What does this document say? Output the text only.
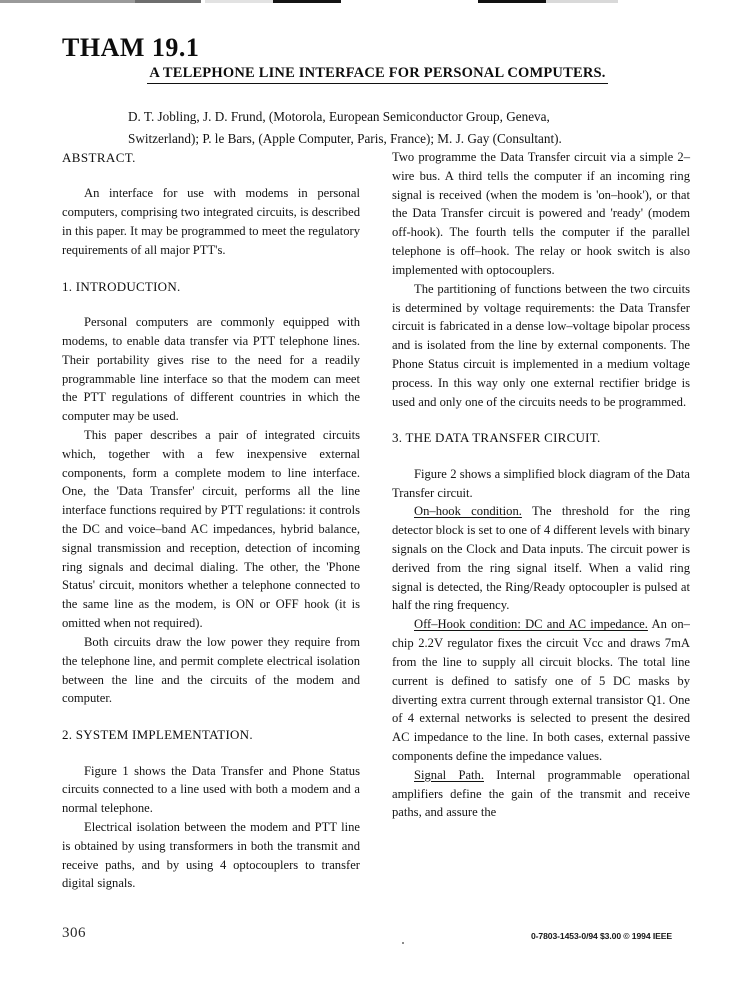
THAM 19.1
A TELEPHONE LINE INTERFACE FOR PERSONAL COMPUTERS.
D. T. Jobling, J. D. Frund, (Motorola, European Semiconductor Group, Geneva,
Switzerland); P. le Bars, (Apple Computer, Paris, France); M. J. Gay (Consultant).

ABSTRACT.

An interface for use with modems in personal computers, comprising two integrated circuits, is described in this paper. It may be programmed to meet the regulatory requirements of all major PTT's.

1. INTRODUCTION.

Personal computers are commonly equipped with modems, to enable data transfer via PTT telephone lines. Their portability gives rise to the need for a readily programmable line interface so that the modem can meet the PTT regulations of different countries in which the computer may be used.

This paper describes a pair of integrated circuits which, together with a few inexpensive external components, form a complete modem to line interface. One, the 'Data Transfer' circuit, performs all the line interface functions required by PTT regulations: it controls the DC and voice–band AC impedances, hybrid balance, signal transmission and reception, detection of incoming ring signals and decimal dialing. The other, the 'Phone Status' circuit, monitors whether a telephone connected to the same line as the modem, is ON or OFF hook (it is omitted when not required).

Both circuits draw the low power they require from the telephone line, and permit complete electrical isolation between the line and the circuits of the modem and computer.

2. SYSTEM IMPLEMENTATION.

Figure 1 shows the Data Transfer and Phone Status circuits connected to a line used with both a modem and a normal telephone.

Electrical isolation between the modem and PTT line is obtained by using transformers in both the transmit and receive paths, and by using 4 optocouplers to transfer digital signals.

Two programme the Data Transfer circuit via a simple 2–wire bus. A third tells the computer if an incoming ring signal is received (when the modem is 'on–hook'), or that the Data Transfer circuit is powered and 'ready' (modem off-hook). The fourth tells the computer if the parallel telephone is off–hook. The relay or hook switch is also implemented with optocouplers.

The partitioning of functions between the two circuits is determined by voltage requirements: the Data Transfer circuit is fabricated in a dense low–voltage bipolar process and is isolated from the line by external components. The Phone Status circuit is implemented in a medium voltage process. In this way only one external rectifier bridge is used and only one of the circuits needs to be programmed.

3. THE DATA TRANSFER CIRCUIT.

Figure 2 shows a simplified block diagram of the Data Transfer circuit.

On–hook condition. The threshold for the ring detector block is set to one of 4 different levels with binary signals on the Clock and Data inputs. The circuit power is derived from the ring signal itself. When a valid ring signal is detected, the Ring/Ready optocoupler is pulsed at half the ring frequency.

Off–Hook condition: DC and AC impedance. An on–chip 2.2V regulator fixes the circuit Vcc and draws 7mA from the line to supply all circuit blocks. The total line current is defined to satisfy one of 5 DC masks by diverting extra current through external transistor Q1. One of 4 external networks is selected to present the desired AC impedance to the line. In both cases, external passive components define the impedance values.

Signal Path. Internal programmable operational amplifiers define the gain of the transmit and receive paths, and assure the

306	0-7803-1453-0/94 $3.00 © 1994 IEEE
